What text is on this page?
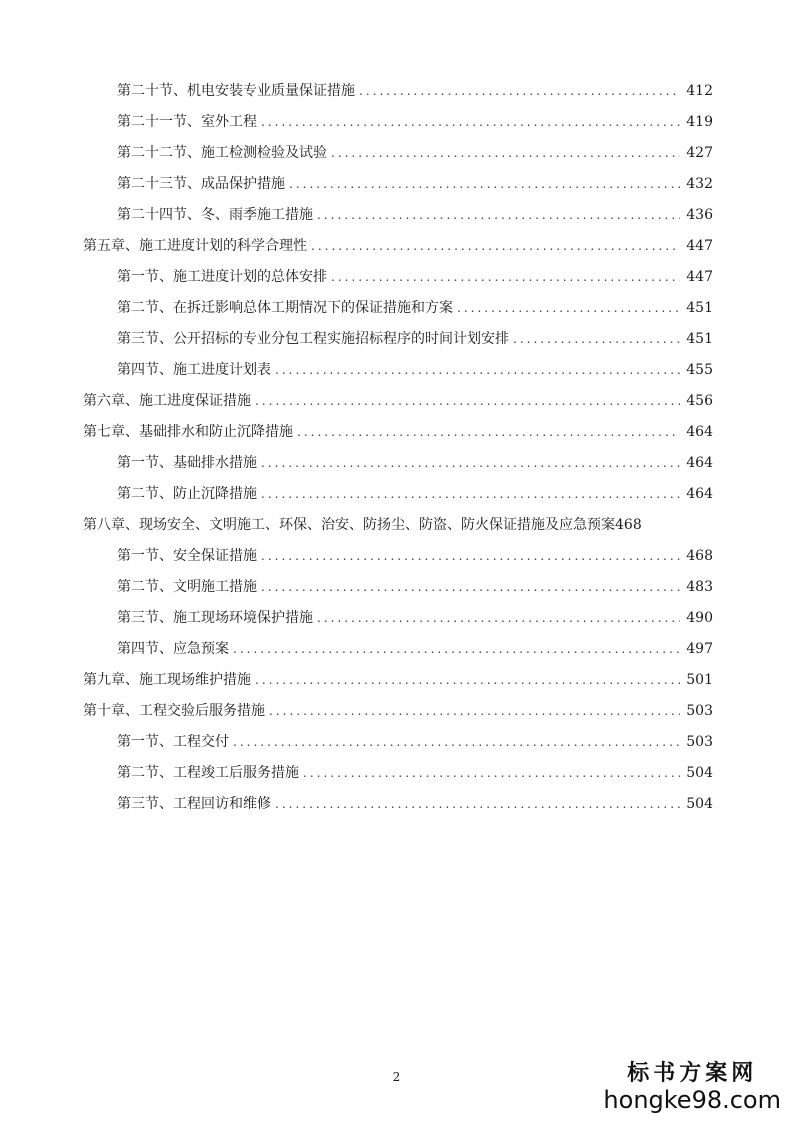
第二十节、机电安装专业质量保证措施 .....	412
第二十一节、室外工程 .....	419
第二十二节、施工检测检验及试验 .....	427
第二十三节、成品保护措施 .....	432
第二十四节、冬、雨季施工措施 .....	436
第五章、施工进度计划的科学合理性 .....	447
第一节、施工进度计划的总体安排 .....	447
第二节、在拆迁影响总体工期情况下的保证措施和方案 .....	451
第三节、公开招标的专业分包工程实施招标程序的时间计划安排 .....	451
第四节、施工进度计划表 .....	455
第六章、施工进度保证措施 .....	456
第七章、基础排水和防止沉降措施 .....	464
第一节、基础排水措施 .....	464
第二节、防止沉降措施 .....	464
第八章、现场安全、文明施工、环保、治安、防扬尘、防盗、防火保证措施及应急预案 468
第一节、安全保证措施 .....	468
第二节、文明施工措施 .....	483
第三节、施工现场环境保护措施 .....	490
第四节、应急预案 .....	497
第九章、施工现场维护措施 .....	501
第十章、工程交验后服务措施 .....	503
第一节、工程交付 .....	503
第二节、工程竣工后服务措施 .....	504
第三节、工程回访和维修 .....	504
2	标书方案网
hongke98.com
